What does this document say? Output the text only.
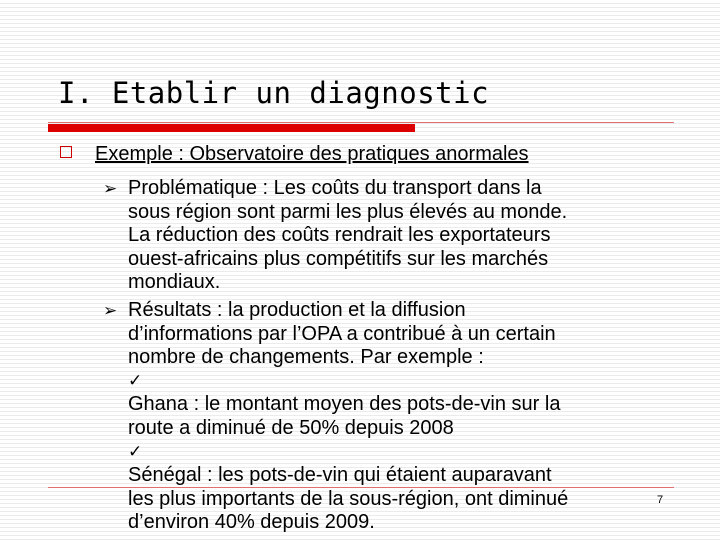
I. Etablir un diagnostic
Exemple : Observatoire des pratiques anormales
➢ Problématique : Les coûts du transport dans la
sous région sont parmi les plus élevés au monde.
La réduction des coûts rendrait les exportateurs
ouest-africains plus compétitifs sur les marchés
mondiaux.
➢ Résultats : la production et la diffusion
d’informations par l’OPA a contribué à un certain
nombre de changements. Par exemple :
✓
Ghana : le montant moyen des pots-de-vin sur la
route a diminué de 50% depuis 2008
✓
Sénégal : les pots-de-vin qui étaient auparavant
les plus importants de la sous-région, ont diminué
d’environ 40% depuis 2009.
7
